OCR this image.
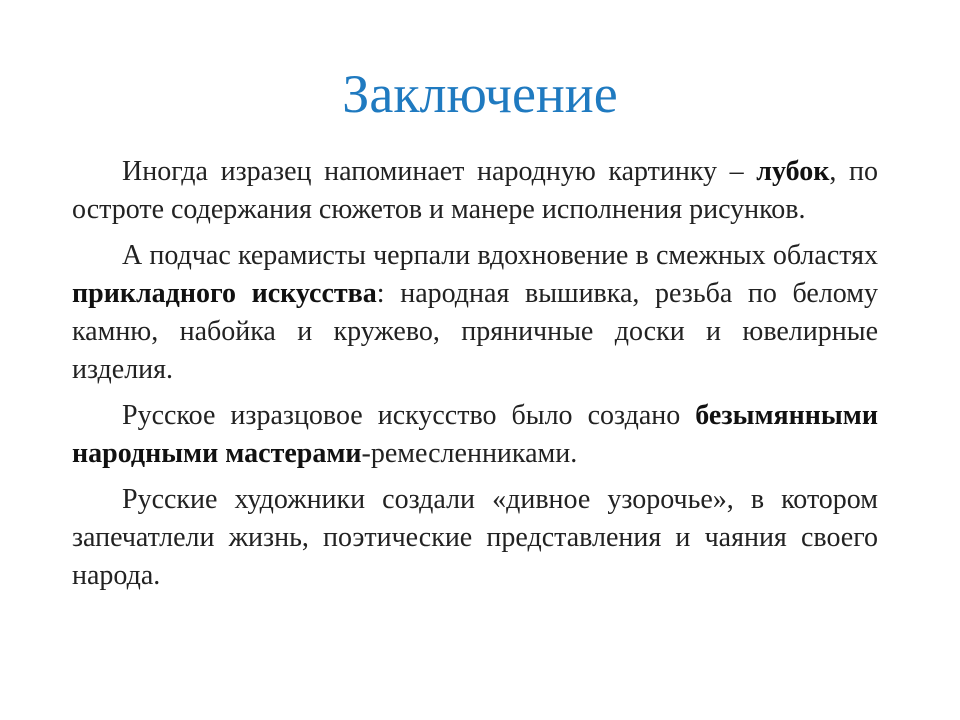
Заключение

Иногда изразец напоминает народную картинку – лубок, по остроте содержания сюжетов и манере исполнения рисунков.

А подчас керамисты черпали вдохновение в смежных областях прикладного искусства: народная вышивка, резьба по белому камню, набойка и кружево, пряничные доски и ювелирные изделия.

Русское изразцовое искусство было создано безымянными народными мастерами-ремесленниками.

Русские художники создали «дивное узорочье», в котором запечатлели жизнь, поэтические представления и чаяния своего народа.
